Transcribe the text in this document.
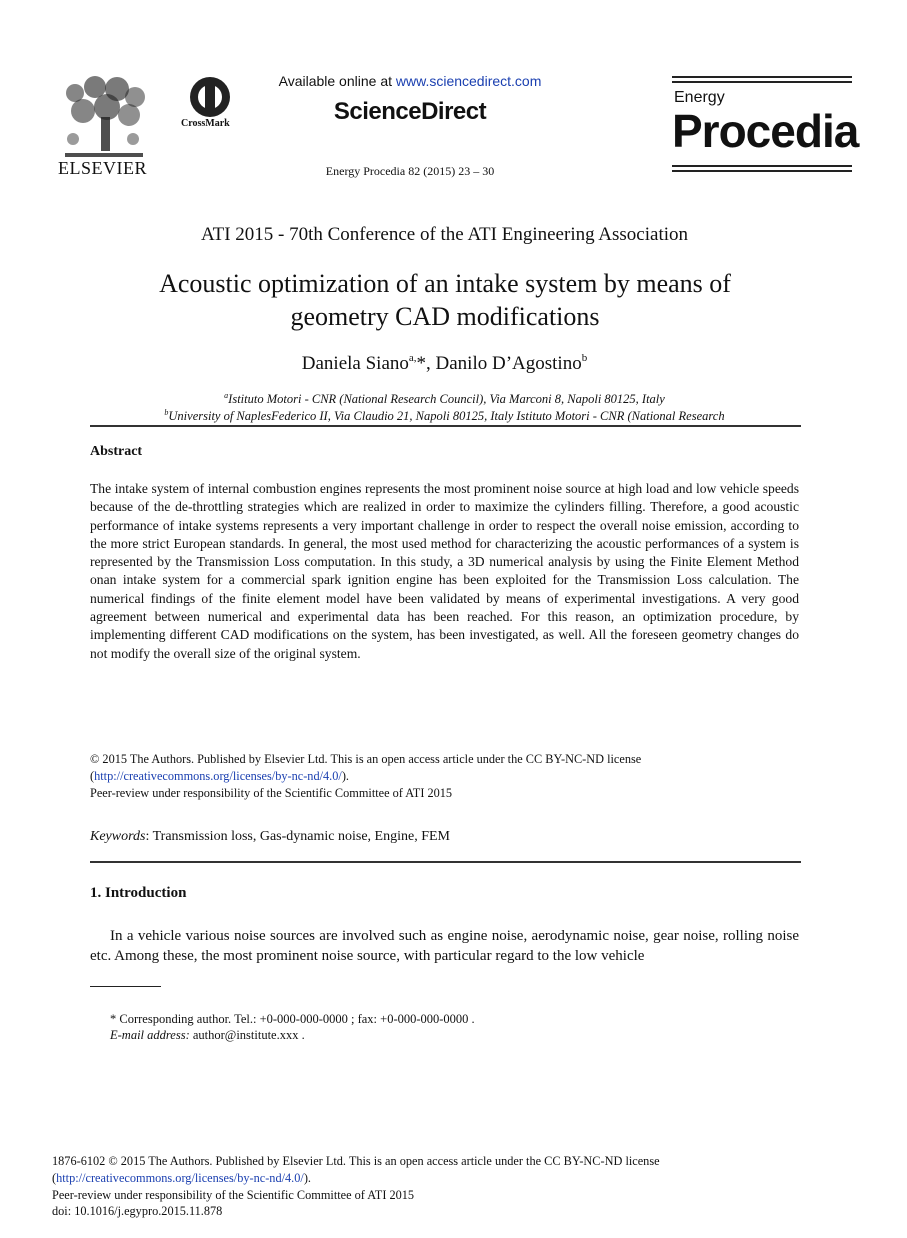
ELSEVIER
CrossMark
Available online at www.sciencedirect.com
ScienceDirect
Energy Procedia 82 (2015) 23 – 30
Energy
Procedia
ATI 2015 - 70th Conference of the ATI Engineering Association
Acoustic optimization of an intake system by means of
geometry CAD modifications
Daniela Siano$^{a,}$*, Danilo D’Agostino$^b$
$^a$Istituto Motori - CNR (National Research Council), Via Marconi 8, Napoli 80125, Italy
$^b$University of NaplesFederico II, Via Claudio 21, Napoli 80125, Italy Istituto Motori - CNR (National Research
Abstract
The intake system of internal combustion engines represents the most prominent noise source at high load and low vehicle speeds because of the de-throttling strategies which are realized in order to maximize the cylinders filling. Therefore, a good acoustic performance of intake systems represents a very important challenge in order to respect the overall noise emission, according to the more strict European standards. In general, the most used method for characterizing the acoustic performances of a system is represented by the Transmission Loss computation. In this study, a 3D numerical analysis by using the Finite Element Method onan intake system for a commercial spark ignition engine has been exploited for the Transmission Loss calculation. The numerical findings of the finite element model have been validated by means of experimental investigations. A very good agreement between numerical and experimental data has been reached. For this reason, an optimization procedure, by implementing different CAD modifications on the system, has been investigated, as well. All the foreseen geometry changes do not modify the overall size of the original system.
© 2015 The Authors. Published by Elsevier Ltd. This is an open access article under the CC BY-NC-ND license
(http://creativecommons.org/licenses/by-nc-nd/4.0/).
Peer-review under responsibility of the Scientific Committee of ATI 2015
Keywords: Transmission loss, Gas-dynamic noise, Engine, FEM
1. Introduction
In a vehicle various noise sources are involved such as engine noise, aerodynamic noise, gear noise, rolling noise etc. Among these, the most prominent noise source, with particular regard to the low vehicle
* Corresponding author. Tel.: +0-000-000-0000 ; fax: +0-000-000-0000 .
E-mail address: author@institute.xxx .
1876-6102 © 2015 The Authors. Published by Elsevier Ltd. This is an open access article under the CC BY-NC-ND license
(http://creativecommons.org/licenses/by-nc-nd/4.0/).
Peer-review under responsibility of the Scientific Committee of ATI 2015
doi: 10.1016/j.egypro.2015.11.878
